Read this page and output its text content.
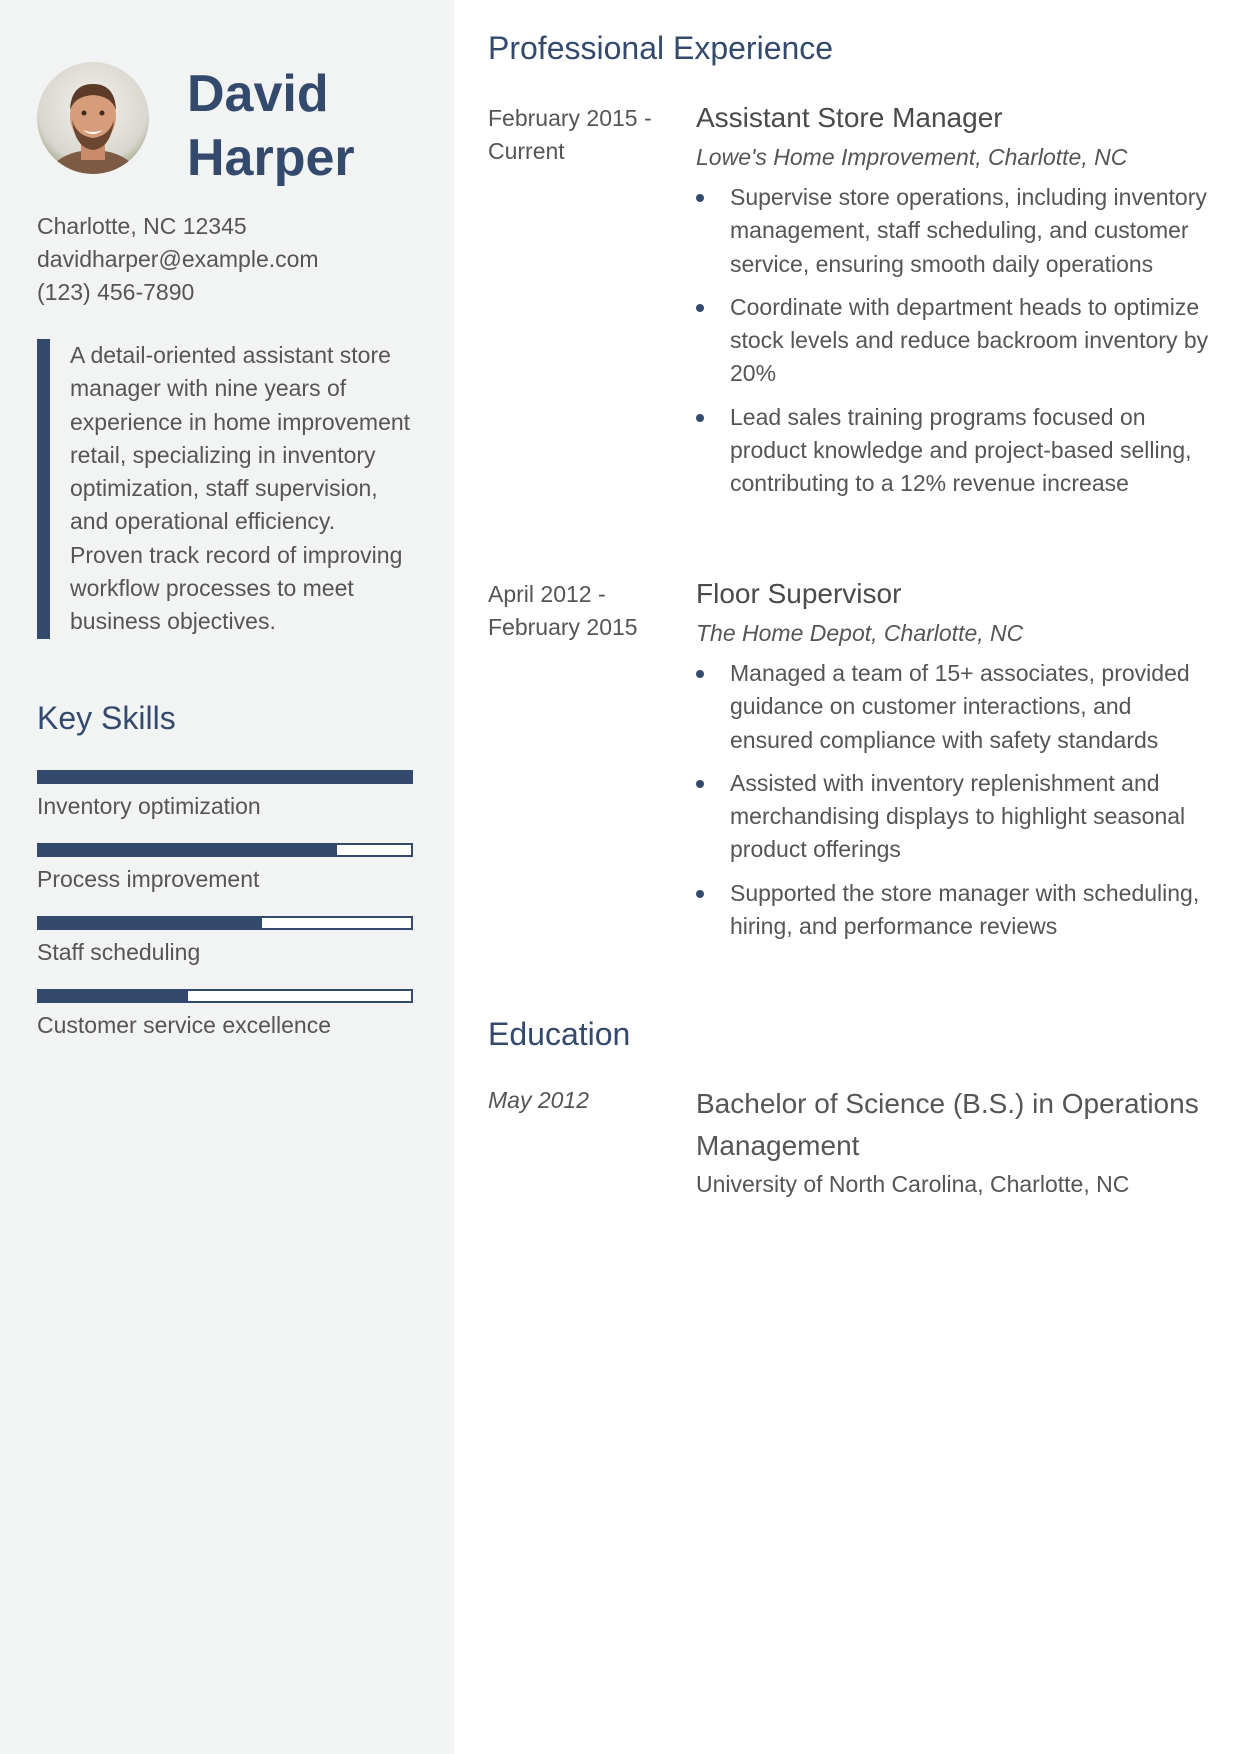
David
Harper
Charlotte, NC 12345
davidharper@example.com
(123) 456-7890
A detail-oriented assistant store manager with nine years of experience in home improvement retail, specializing in inventory optimization, staff supervision, and operational efficiency. Proven track record of improving workflow processes to meet business objectives.
Key Skills
Inventory optimization
Process improvement
Staff scheduling
Customer service excellence
Professional Experience
February 2015 - Current
Assistant Store Manager
Lowe's Home Improvement, Charlotte, NC
Supervise store operations, including inventory management, staff scheduling, and customer service, ensuring smooth daily operations
Coordinate with department heads to optimize stock levels and reduce backroom inventory by 20%
Lead sales training programs focused on product knowledge and project-based selling, contributing to a 12% revenue increase
April 2012 - February 2015
Floor Supervisor
The Home Depot, Charlotte, NC
Managed a team of 15+ associates, provided guidance on customer interactions, and ensured compliance with safety standards
Assisted with inventory replenishment and merchandising displays to highlight seasonal product offerings
Supported the store manager with scheduling, hiring, and performance reviews
Education
May 2012	Bachelor of Science (B.S.) in Operations Management
University of North Carolina, Charlotte, NC
